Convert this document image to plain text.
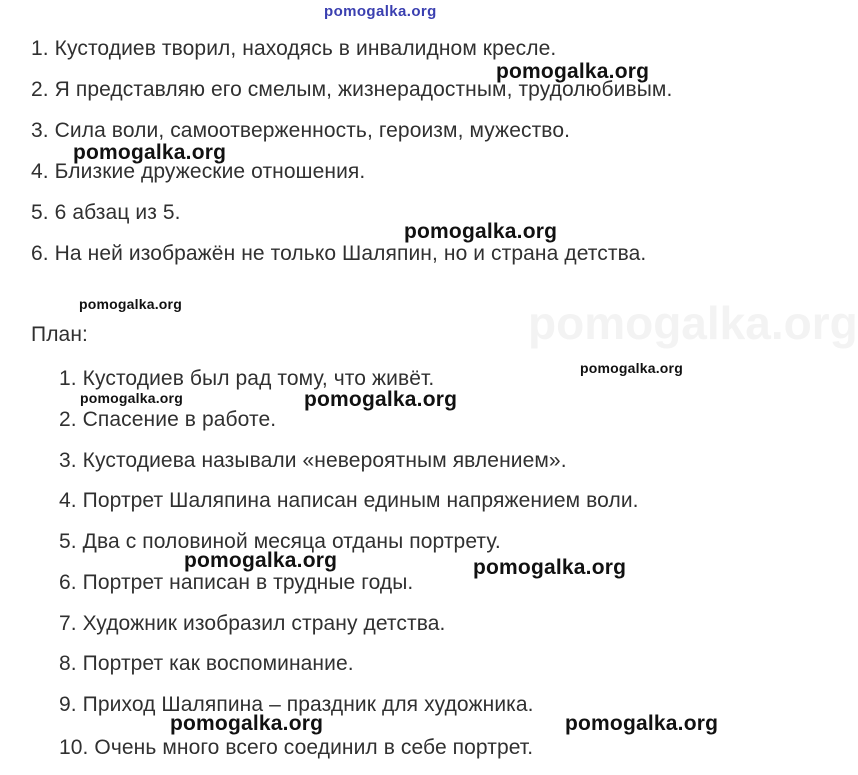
pomogalka.org
1. Кустодиев творил, находясь в инвалидном кресле.
2. Я представляю его смелым, жизнерадостным, трудолюбивым.
3. Сила воли, самоотверженность, героизм, мужество.
4. Близкие дружеские отношения.
5. 6 абзац из 5.
6. На ней изображён не только Шаляпин, но и страна детства.
План:
1. Кустодиев был рад тому, что живёт.
2. Спасение в работе.
3. Кустодиева называли «невероятным явлением».
4. Портрет Шаляпина написан единым напряжением воли.
5. Два с половиной месяца отданы портрету.
6. Портрет написан в трудные годы.
7. Художник изобразил страну детства.
8. Портрет как воспоминание.
9. Приход Шаляпина – праздник для художника.
10. Очень много всего соединил в себе портрет.
pomogalka.org
pomogalka.org
pomogalka.org
pomogalka.org
pomogalka.org
pomogalka.org
pomogalka.org	pomogalka.org
pomogalka.org	pomogalka.org
pomogalka.org	pomogalka.org
